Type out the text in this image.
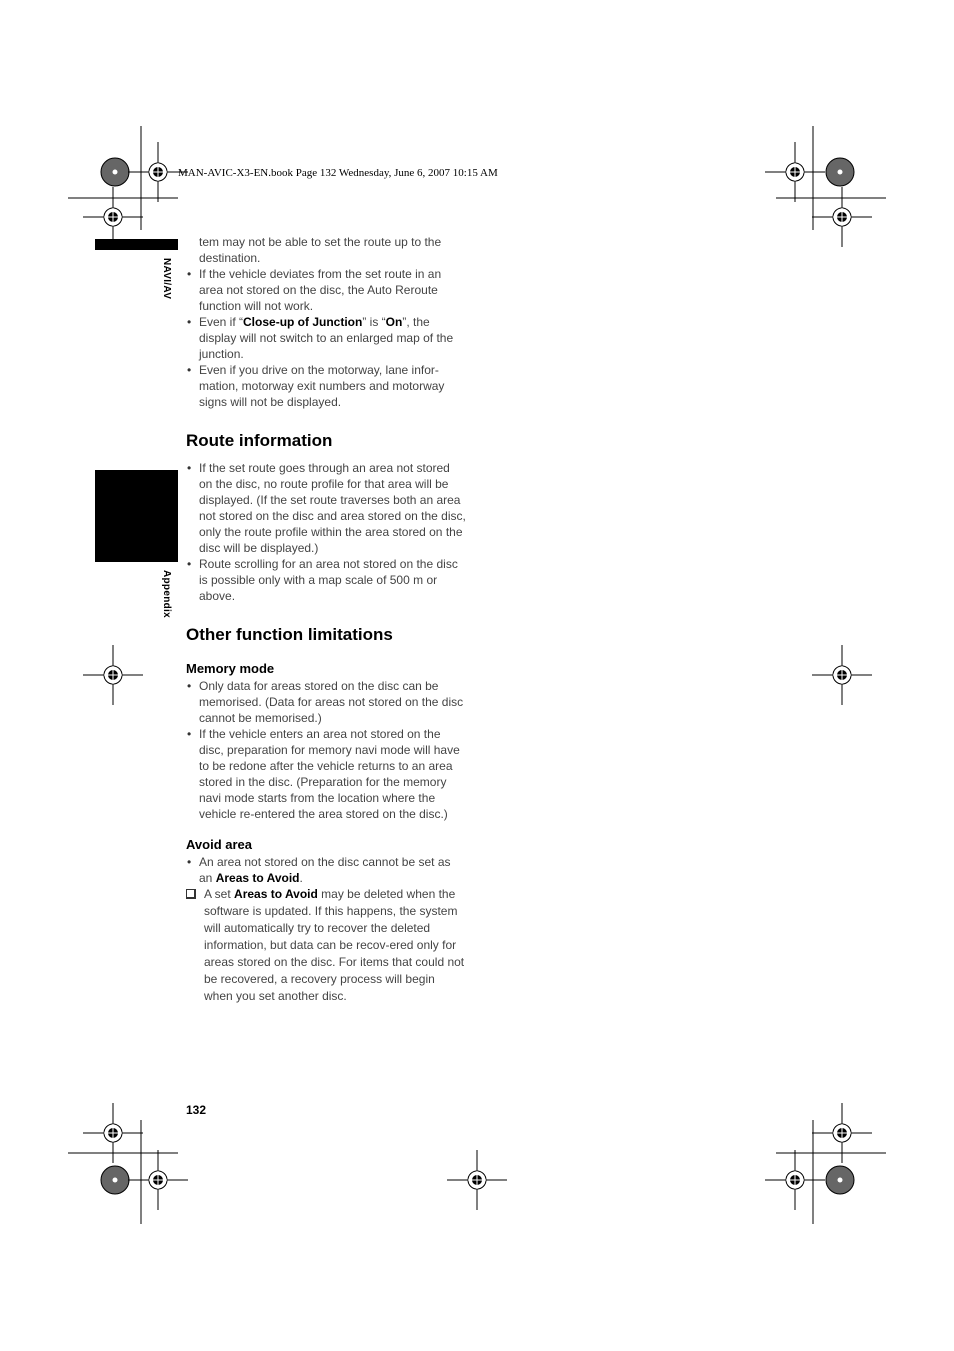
MAN-AVIC-X3-EN.book Page 132 Wednesday, June 6, 2007 10:15 AM
NAVI/AV
Appendix

tem may not be able to set the route up to the destination.

• If the vehicle deviates from the set route in an area not stored on the disc, the Auto Reroute function will not work.

• Even if “Close-up of Junction” is “On”, the display will not switch to an enlarged map of the junction.

• Even if you drive on the motorway, lane infor-mation, motorway exit numbers and motorway signs will not be displayed.

Route information

• If the set route goes through an area not stored on the disc, no route profile for that area will be displayed. (If the set route traverses both an area not stored on the disc and area stored on the disc, only the route profile within the area stored on the disc will be displayed.)

• Route scrolling for an area not stored on the disc is possible only with a map scale of 500 m or above.

Other function limitations
Memory mode

• Only data for areas stored on the disc can be memorised. (Data for areas not stored on the disc cannot be memorised.)

• If the vehicle enters an area not stored on the disc, preparation for memory navi mode will have to be redone after the vehicle returns to an area stored in the disc. (Preparation for the memory navi mode starts from the location where the vehicle re-entered the area stored on the disc.)

Avoid area

• An area not stored on the disc cannot be set as an Areas to Avoid.

A set Areas to Avoid may be deleted when the software is updated. If this happens, the system will automatically try to recover the deleted information, but data can be recov-ered only for areas stored on the disc. For items that could not be recovered, a recovery process will begin when you set another disc.

132
